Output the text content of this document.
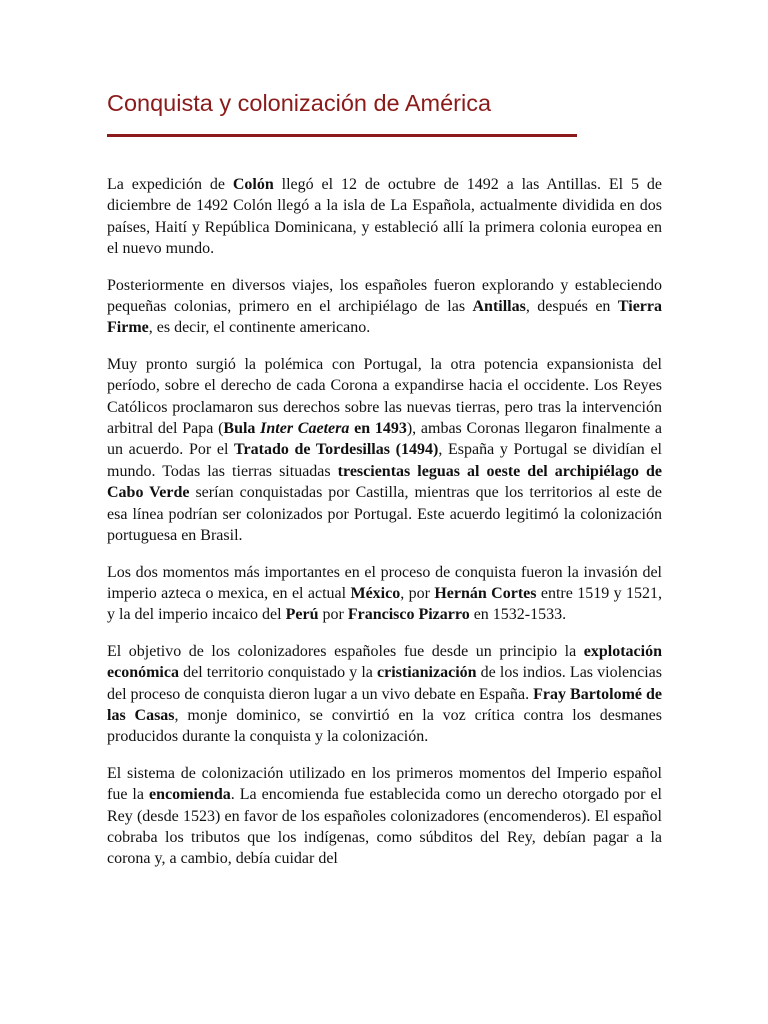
Conquista y colonización de América

La expedición de Colón llegó el 12 de octubre de 1492 a las Antillas. El 5 de diciembre de 1492 Colón llegó a la isla de La Española, actualmente dividida en dos países, Haití y República Dominicana, y estableció allí la primera colonia europea en el nuevo mundo.

Posteriormente en diversos viajes, los españoles fueron explorando y estableciendo pequeñas colonias, primero en el archipiélago de las Antillas, después en Tierra Firme, es decir, el continente americano.

Muy pronto surgió la polémica con Portugal, la otra potencia expansionista del período, sobre el derecho de cada Corona a expandirse hacia el occidente. Los Reyes Católicos proclamaron sus derechos sobre las nuevas tierras, pero tras la intervención arbitral del Papa (Bula Inter Caetera en 1493), ambas Coronas llegaron finalmente a un acuerdo. Por el Tratado de Tordesillas (1494), España y Portugal se dividían el mundo. Todas las tierras situadas trescientas leguas al oeste del archipiélago de Cabo Verde serían conquistadas por Castilla, mientras que los territorios al este de esa línea podrían ser colonizados por Portugal. Este acuerdo legitimó la colonización portuguesa en Brasil.

Los dos momentos más importantes en el proceso de conquista fueron la invasión del imperio azteca o mexica, en el actual México, por Hernán Cortes entre 1519 y 1521, y la del imperio incaico del Perú por Francisco Pizarro en 1532-1533.

El objetivo de los colonizadores españoles fue desde un principio la explotación económica del territorio conquistado y la cristianización de los indios. Las violencias del proceso de conquista dieron lugar a un vivo debate en España. Fray Bartolomé de las Casas, monje dominico, se convirtió en la voz crítica contra los desmanes producidos durante la conquista y la colonización.

El sistema de colonización utilizado en los primeros momentos del Imperio español fue la encomienda. La encomienda fue establecida como un derecho otorgado por el Rey (desde 1523) en favor de los españoles colonizadores (encomenderos). El español cobraba los tributos que los indígenas, como súbditos del Rey, debían pagar a la corona y, a cambio, debía cuidar del
